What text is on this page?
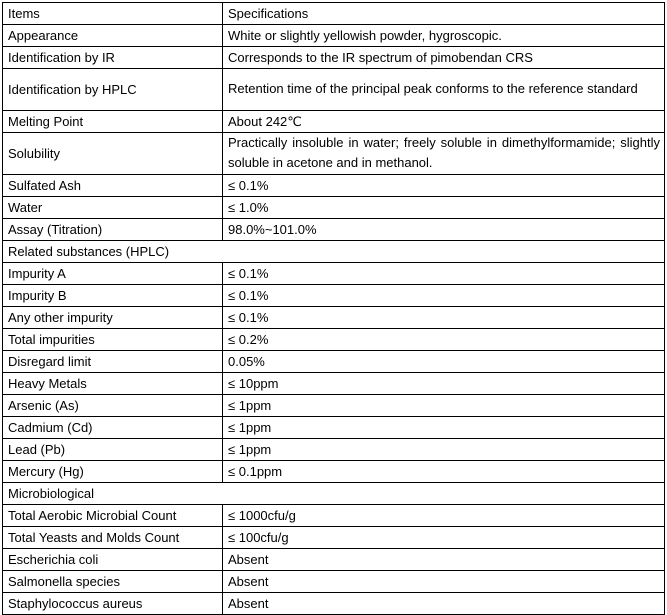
Items	Specifications
Appearance	White or slightly yellowish powder, hygroscopic.
Identification by IR	Corresponds to the IR spectrum of pimobendan CRS
Identification by HPLC	Retention time of the principal peak conforms to the reference standard
Melting Point	About 242℃
Solubility	Practically insoluble in water; freely soluble in dimethylformamide; slightly soluble in acetone and in methanol.
Sulfated Ash	≤ 0.1%
Water	≤ 1.0%
Assay (Titration)	98.0%~101.0%
Related substances (HPLC)	
Impurity A	≤ 0.1%
Impurity B	≤ 0.1%
Any other impurity	≤ 0.1%
Total impurities	≤ 0.2%
Disregard limit	0.05%
Heavy Metals	≤ 10ppm
Arsenic (As)	≤ 1ppm
Cadmium (Cd)	≤ 1ppm
Lead (Pb)	≤ 1ppm
Mercury (Hg)	≤ 0.1ppm
Microbiological	
Total Aerobic Microbial Count	≤ 1000cfu/g
Total Yeasts and Molds Count	≤ 100cfu/g
Escherichia coli	Absent
Salmonella species	Absent
Staphylococcus aureus	Absent
